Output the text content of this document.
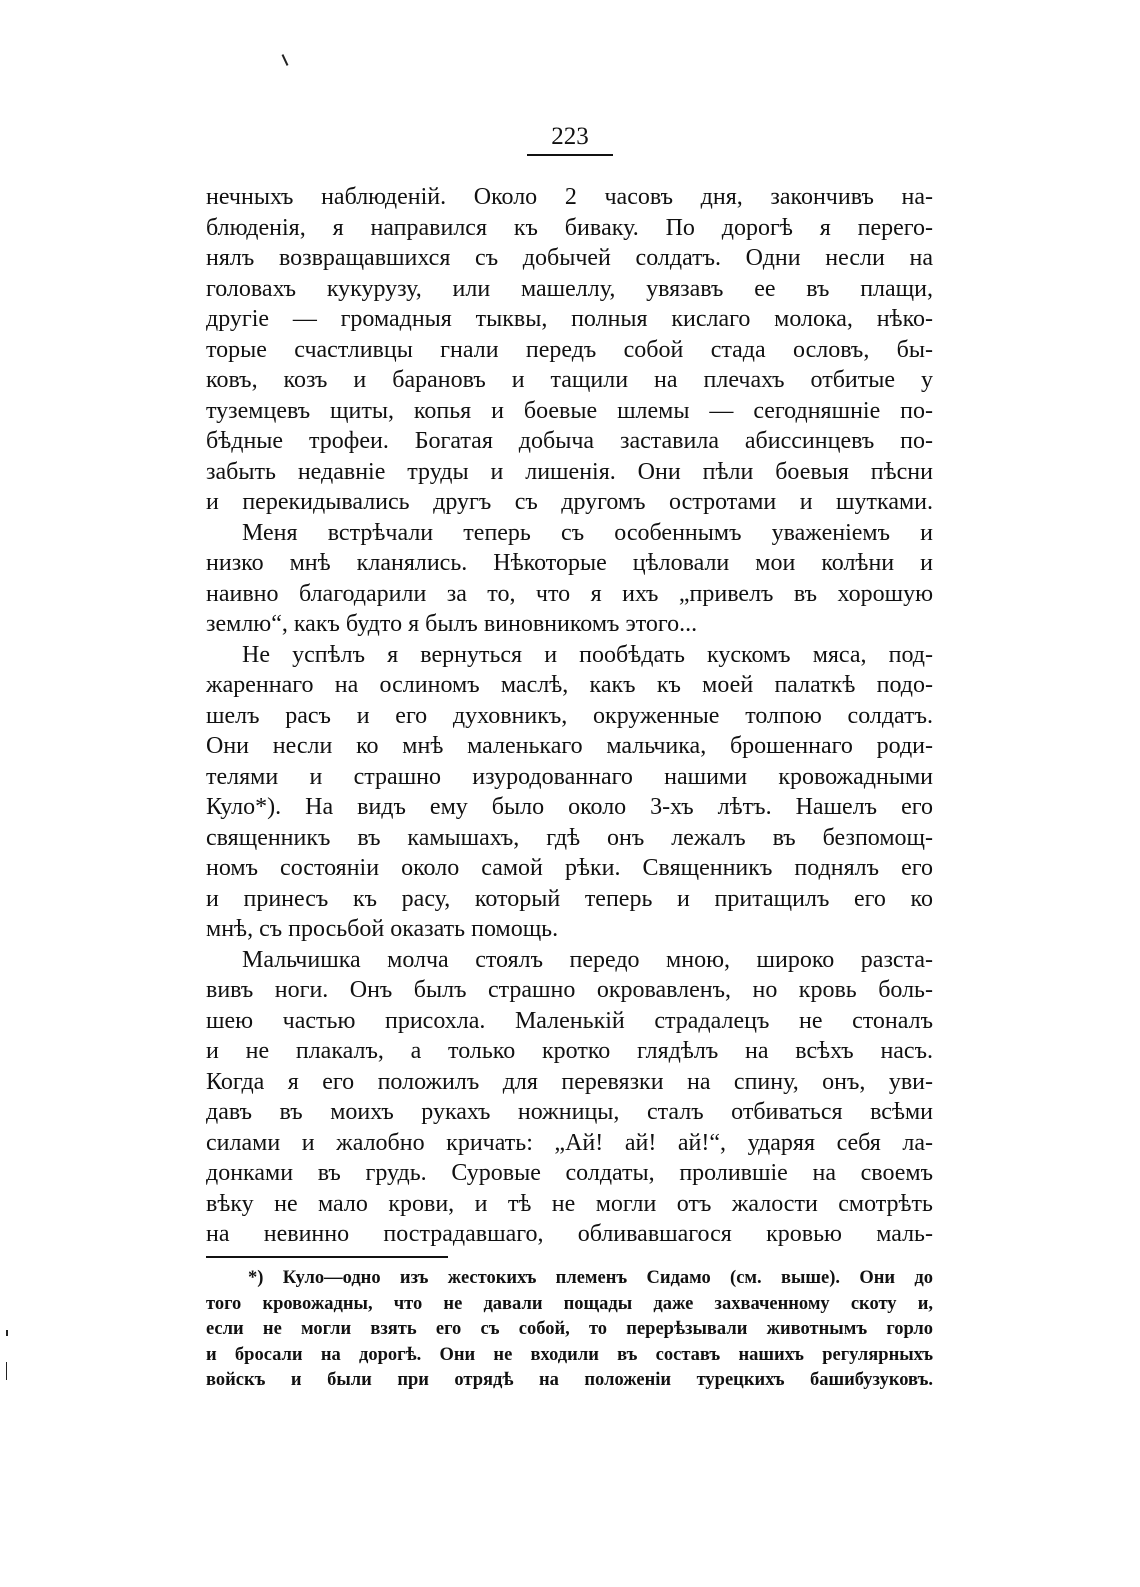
223
нечныхъ наблюденій. Около 2 часовъ дня, закончивъ на-
блюденія, я направился къ бивaку. По дорогѣ я перего-
нялъ возвращавшихся съ добычей солдатъ. Одни несли на
головахъ кукурузу, или машеллу, увязавъ ее въ плащи,
другіе — громадныя тыквы, полныя кислаго молока, нѣко-
торые счастливцы гнали передъ собой стада ословъ, бы-
ковъ, козъ и барановъ и тащили на плечахъ отбитые у
туземцевъ щиты, копья и боевые шлемы — сегодняшніе по-
бѣдные трофеи. Богатая добыча заставила абиссинцевъ по-
забыть недавніе труды и лишенія. Они пѣли боевыя пѣсни
и перекидывались другъ съ другомъ остротами и шутками.
Меня встрѣчали теперь съ особеннымъ уваженіемъ и
низко мнѣ кланялись. Нѣкоторые цѣловали мои колѣни и
наивно благодарили за то, что я ихъ „привелъ въ хорошую
землю“, какъ будто я былъ виновникомъ этого...
Не успѣлъ я вернуться и пообѣдать кускомъ мяса, под-
жареннаго на ослиномъ маслѣ, какъ къ моей палаткѣ подо-
шелъ расъ и его духовникъ, окруженные толпою солдатъ.
Они несли ко мнѣ маленькаго мальчика, брошеннаго роди-
телями и страшно изуродованнаго нашими кровожадными
Куло*). На видъ ему было около 3-хъ лѣтъ. Нашелъ его
священникъ въ камышахъ, гдѣ онъ лежалъ въ безпомощ-
номъ состояніи около самой рѣки. Священникъ поднялъ его
и принесъ къ расу, который теперь и притащилъ его ко
мнѣ, съ просьбой оказать помощь.
Мальчишка молча стоялъ передо мною, широко разста-
вивъ ноги. Онъ былъ страшно окровавленъ, но кровь боль-
шею частью присохла. Маленькій страдалецъ не стоналъ
и не плакалъ, а только кротко глядѣлъ на всѣхъ насъ.
Когда я его положилъ для перевязки на спину, онъ, уви-
давъ въ моихъ рукахъ ножницы, сталъ отбиваться всѣми
силами и жалобно кричать: „Ай! ай! ай!“, ударяя себя ла-
донками въ грудь. Суровые солдаты, пролившіе на своемъ
вѣку не мало крови, и тѣ не могли отъ жалости смотрѣть
на невинно пострадавшаго, обливавшагося кровью маль-
*) Куло—одно изъ жестокихъ племенъ Сидамо (см. выше). Они до
того кровожадны, что не давали пощады даже захваченному скоту и,
если не могли взять его съ собой, то перерѣзывали животнымъ горло
и бросали на дорогѣ. Они не входили въ составъ нашихъ регулярныхъ
войскъ и были при отрядѣ на положеніи турецкихъ башибузуковъ.
